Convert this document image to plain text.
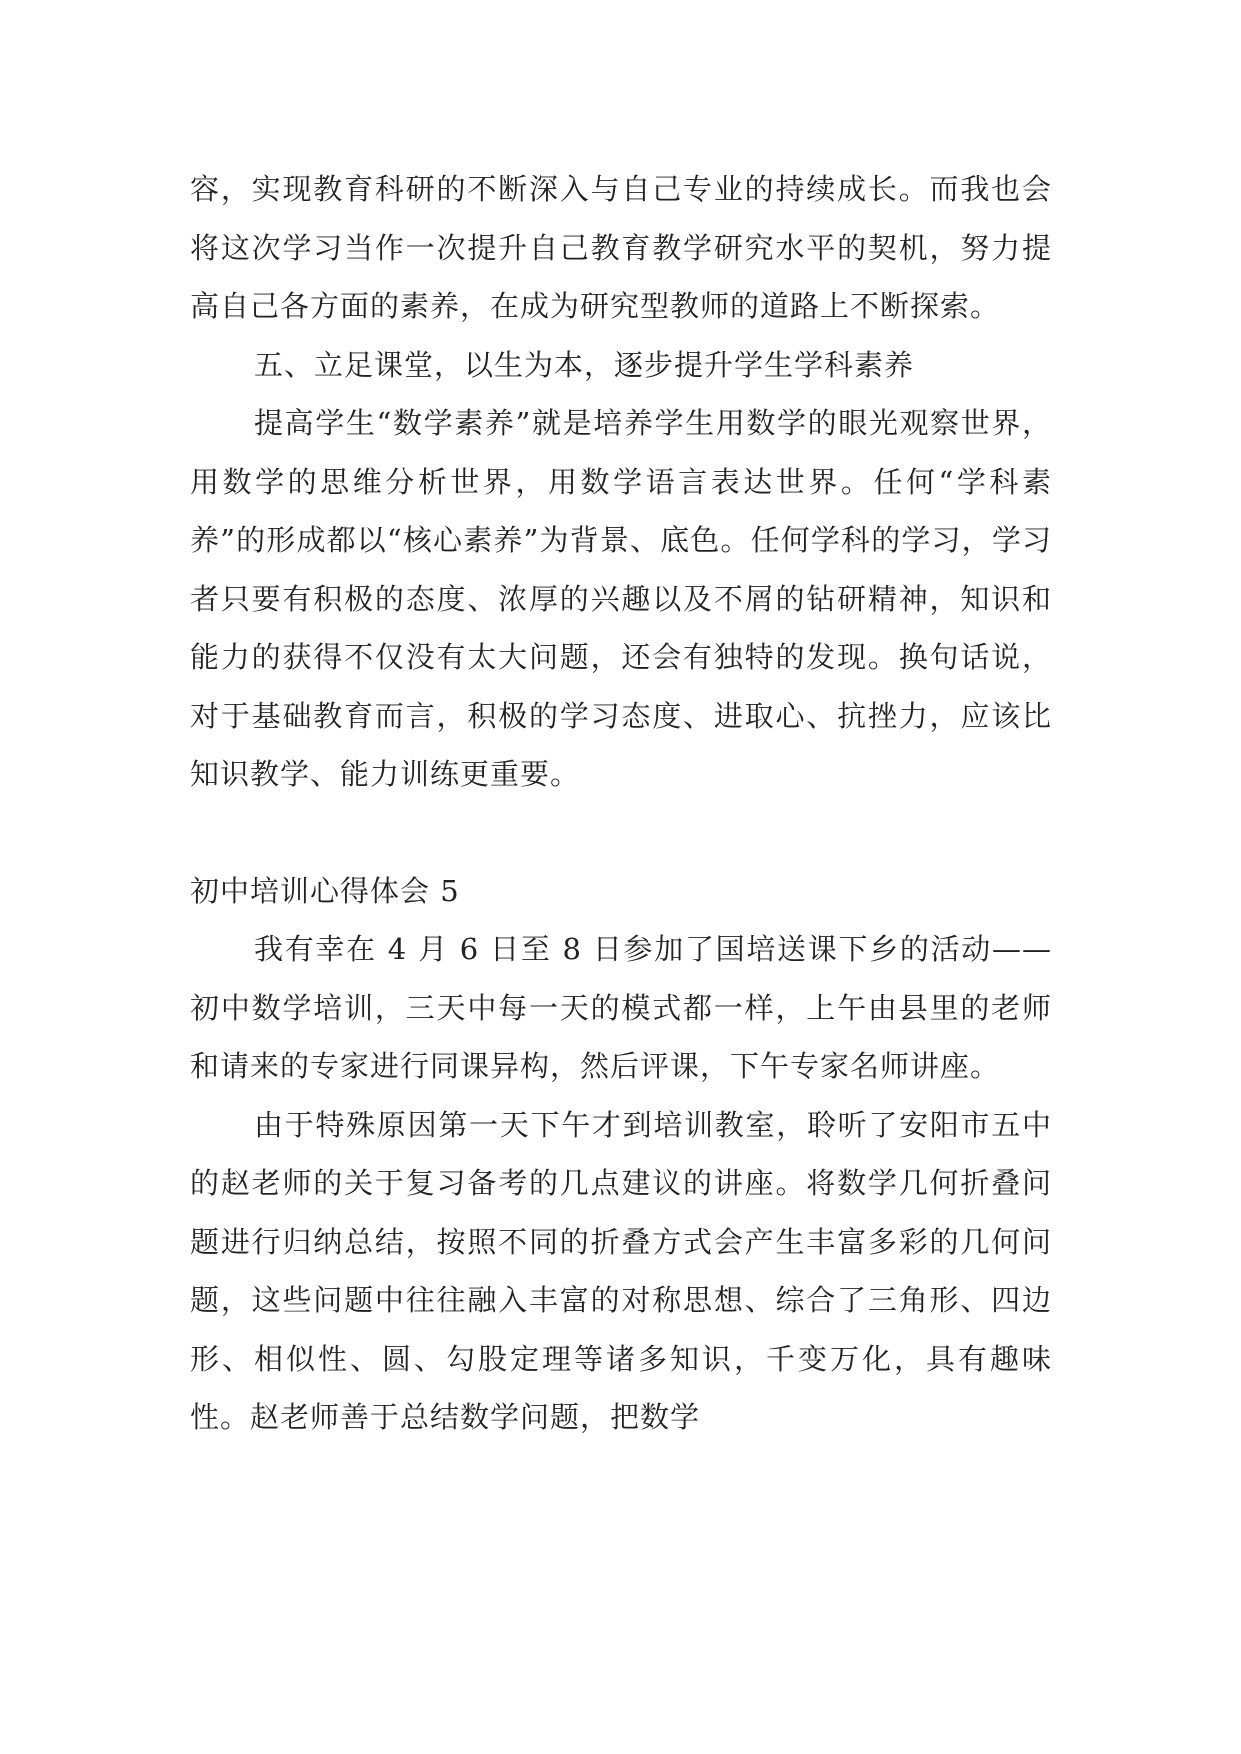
容，实现教育科研的不断深入与自己专业的持续成长。而我也会将这次学习当作一次提升自己教育教学研究水平的契机，努力提高自己各方面的素养，在成为研究型教师的道路上不断探索。

五、立足课堂，以生为本，逐步提升学生学科素养

提高学生“数学素养”就是培养学生用数学的眼光观察世界，用数学的思维分析世界，用数学语言表达世界。任何“学科素养”的形成都以“核心素养”为背景、底色。任何学科的学习，学习者只要有积极的态度、浓厚的兴趣以及不屑的钻研精神，知识和能力的获得不仅没有太大问题，还会有独特的发现。换句话说，对于基础教育而言，积极的学习态度、进取心、抗挫力，应该比知识教学、能力训练更重要。

初中培训心得体会 5

我有幸在 4 月 6 日至 8 日参加了国培送课下乡的活动——初中数学培训，三天中每一天的模式都一样，上午由县里的老师和请来的专家进行同课异构，然后评课，下午专家名师讲座。

由于特殊原因第一天下午才到培训教室，聆听了安阳市五中的赵老师的关于复习备考的几点建议的讲座。将数学几何折叠问题进行归纳总结，按照不同的折叠方式会产生丰富多彩的几何问题，这些问题中往往融入丰富的对称思想、综合了三角形、四边形、相似性、圆、勾股定理等诸多知识，千变万化，具有趣味性。赵老师善于总结数学问题，把数学
